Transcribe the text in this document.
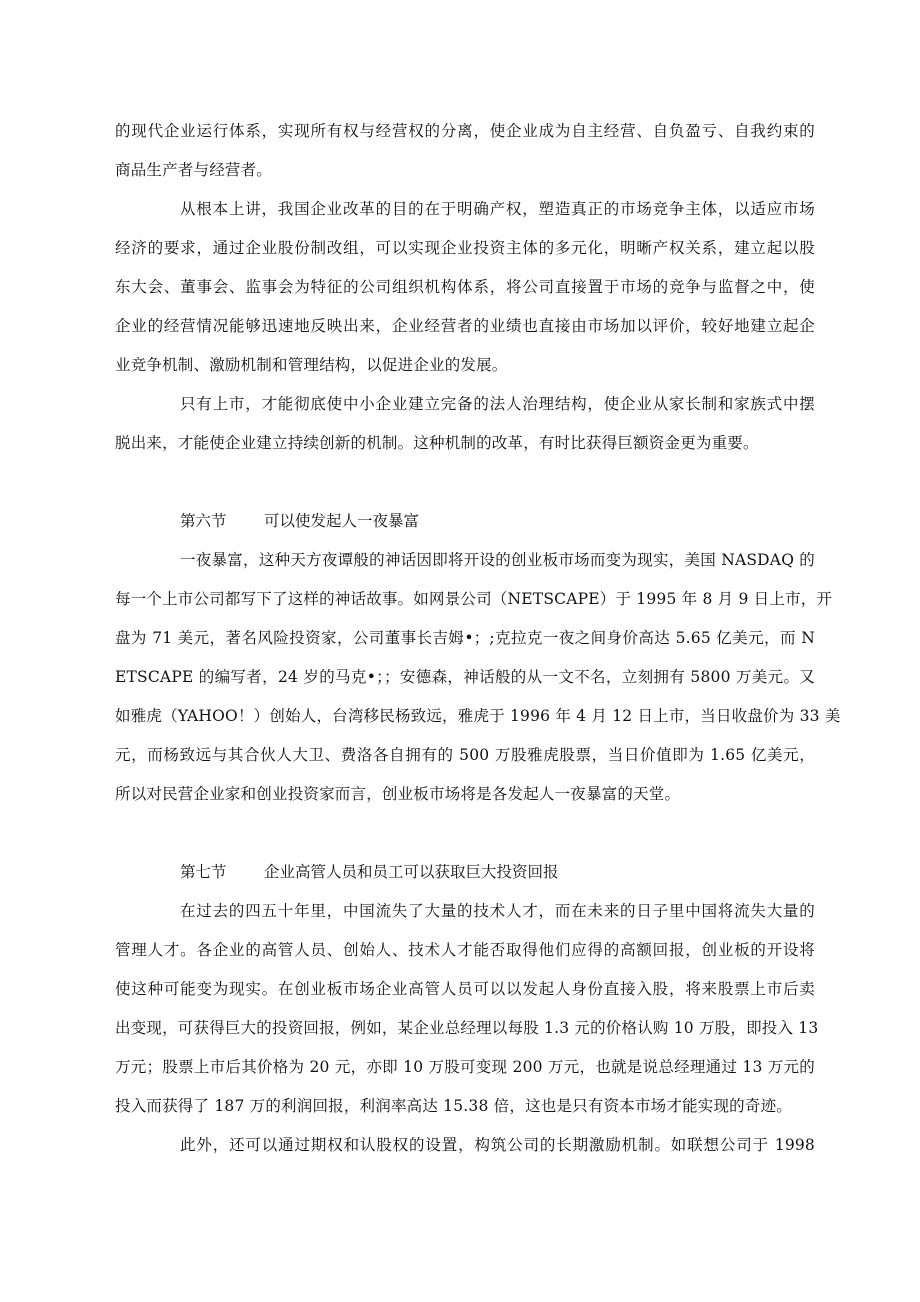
的现代企业运行体系，实现所有权与经营权的分离，使企业成为自主经营、自负盈亏、自我约束的
商品生产者与经营者。
从根本上讲，我国企业改革的目的在于明确产权，塑造真正的市场竞争主体，以适应市场
经济的要求，通过企业股份制改组，可以实现企业投资主体的多元化，明晰产权关系，建立起以股
东大会、董事会、监事会为特征的公司组织机构体系，将公司直接置于市场的竞争与监督之中，使
企业的经营情况能够迅速地反映出来，企业经营者的业绩也直接由市场加以评价，较好地建立起企
业竞争机制、激励机制和管理结构，以促进企业的发展。
只有上市，才能彻底使中小企业建立完备的法人治理结构，使企业从家长制和家族式中摆
脱出来，才能使企业建立持续创新的机制。这种机制的改革，有时比获得巨额资金更为重要。
第六节 可以使发起人一夜暴富
一夜暴富，这种天方夜谭般的神话因即将开设的创业板市场而变为现实，美国 NASDAQ 的
每一个上市公司都写下了这样的神话故事。如网景公司（NETSCAPE）于 1995 年 8 月 9 日上市，开
盘为 71 美元，著名风险投资家，公司董事长吉姆•；;克拉克一夜之间身价高达 5.65 亿美元，而 N
ETSCAPE 的编写者，24 岁的马克•；；安德森，神话般的从一文不名，立刻拥有 5800 万美元。又
如雅虎（YAHOO！）创始人，台湾移民杨致远，雅虎于 1996 年 4 月 12 日上市，当日收盘价为 33 美
元，而杨致远与其合伙人大卫、费洛各自拥有的 500 万股雅虎股票，当日价值即为 1.65 亿美元，
所以对民营企业家和创业投资家而言，创业板市场将是各发起人一夜暴富的天堂。
第七节 企业高管人员和员工可以获取巨大投资回报
在过去的四五十年里，中国流失了大量的技术人才，而在未来的日子里中国将流失大量的
管理人才。各企业的高管人员、创始人、技术人才能否取得他们应得的高额回报，创业板的开设将
使这种可能变为现实。在创业板市场企业高管人员可以以发起人身份直接入股，将来股票上市后卖
出变现，可获得巨大的投资回报，例如，某企业总经理以每股 1.3 元的价格认购 10 万股，即投入 13
万元；股票上市后其价格为 20 元，亦即 10 万股可变现 200 万元，也就是说总经理通过 13 万元的
投入而获得了 187 万的利润回报，利润率高达 15.38 倍，这也是只有资本市场才能实现的奇迹。
此外，还可以通过期权和认股权的设置，构筑公司的长期激励机制。如联想公司于 1998
